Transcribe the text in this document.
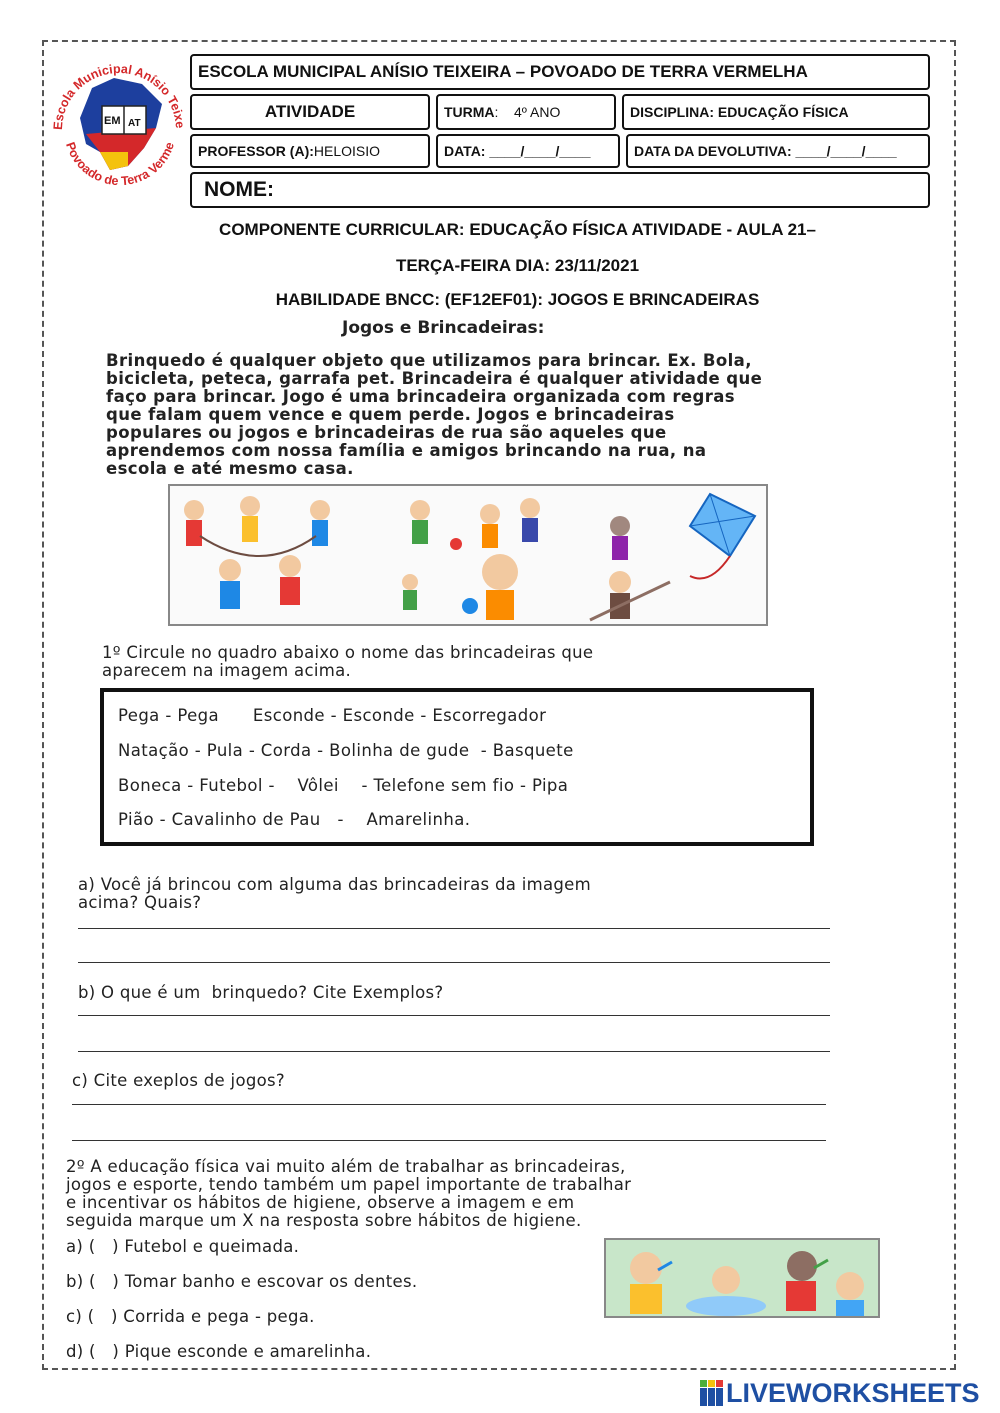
EM AT
Escola Municipal Anísio Teixe
Povoado de Terra Verme
ESCOLA MUNICIPAL ANÍSIO TEIXEIRA – POVOADO DE TERRA VERMELHA
ATIVIDADE	TURMA :    4º ANO	DISCIPLINA: EDUCAÇÃO FÍSICA
PROFESSOR (A): HELOISIO	DATA: ____/____/____	DATA DA DEVOLUTIVA: ____/____/____
NOME:
COMPONENTE CURRICULAR: EDUCAÇÃO FÍSICA ATIVIDADE - AULA 21–
TERÇA-FEIRA DIA: 23/11/2021
HABILIDADE BNCC: (EF12EF01): JOGOS E BRINCADEIRAS
Jogos e Brincadeiras:
Brinquedo é qualquer objeto que utilizamos para brincar. Ex. Bola,
bicicleta, peteca, garrafa pet. Brincadeira é qualquer atividade que
faço para brincar. Jogo é uma brincadeira organizada com regras
que falam quem vence e quem perde. Jogos e brincadeiras
populares ou jogos e brincadeiras de rua são aqueles que
aprendemos com nossa família e amigos brincando na rua, na
escola e até mesmo casa.
1º Circule no quadro abaixo o nome das brincadeiras que
aparecem na imagem acima.
Pega - Pega      Esconde - Esconde - Escorregador
Natação - Pula - Corda - Bolinha de gude  - Basquete
Boneca - Futebol -    Vôlei    - Telefone sem fio - Pipa
Pião - Cavalinho de Pau   -    Amarelinha.
a) Você já brincou com alguma das brincadeiras da imagem
acima? Quais?
b) O que é um  brinquedo? Cite Exemplos?
c) Cite exeplos de jogos?
2º A educação física vai muito além de trabalhar as brincadeiras,
jogos e esporte, tendo também um papel importante de trabalhar
e incentivar os hábitos de higiene, observe a imagem e em
seguida marque um X na resposta sobre hábitos de higiene.
a) (   ) Futebol e queimada.
b) (   ) Tomar banho e escovar os dentes.
c) (   ) Corrida e pega - pega.
d) (   ) Pique esconde e amarelinha.
LIVEWORKSHEETS
